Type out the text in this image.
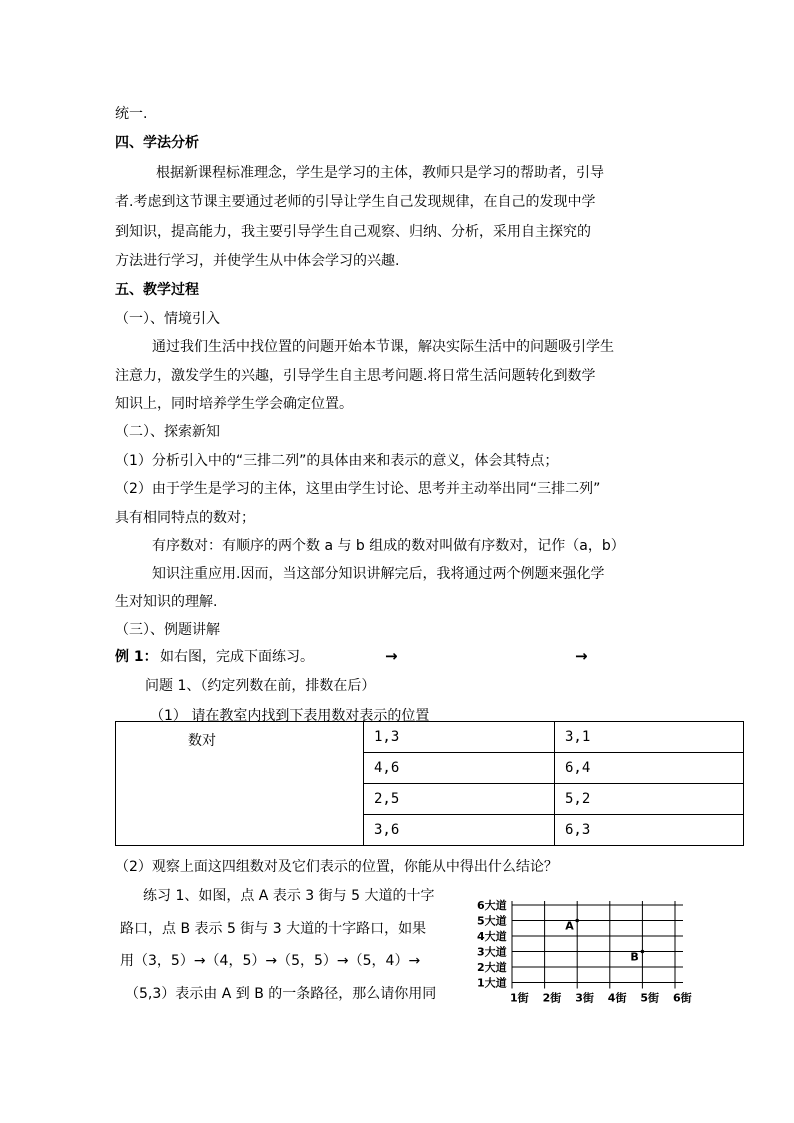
统一.
四、学法分析
根据新课程标准理念，学生是学习的主体，教师只是学习的帮助者，引导
者.考虑到这节课主要通过老师的引导让学生自己发现规律，在自己的发现中学
到知识，提高能力，我主要引导学生自己观察、归纳、分析，采用自主探究的
方法进行学习，并使学生从中体会学习的兴趣.
五、教学过程
（一）、情境引入
通过我们生活中找位置的问题开始本节课，解决实际生活中的问题吸引学生
注意力，激发学生的兴趣，引导学生自主思考问题.将日常生活问题转化到数学
知识上，同时培养学生学会确定位置。
（二）、探索新知
（1）分析引入中的“三排二列”的具体由来和表示的意义，体会其特点；
（2）由于学生是学习的主体，这里由学生讨论、思考并主动举出同“三排二列”
具有相同特点的数对；
有序数对：有顺序的两个数 a 与 b 组成的数对叫做有序数对，记作（a，b）
知识注重应用.因而，当这部分知识讲解完后，我将通过两个例题来强化学
生对知识的理解.
（三）、例题讲解
例 1： 如右图，完成下面练习。	→	→
问题 1、（约定列数在前，排数在后）
（1） 请在教室内找到下表用数对表示的位置
数对	1,3	3,1
	4,6	6,4
	2,5	5,2
	3,6	6,3
（2）观察上面这四组数对及它们表示的位置，你能从中得出什么结论？
练习 1、如图，点 A 表示 3 街与 5 大道的十字
路口，点 B 表示 5 街与 3 大道的十字路口，如果
用（3，5）→（4，5）→（5，5）→（5，4）→
（5,3）表示由 A 到 B 的一条路径，那么请你用同
6大道
5大道
4大道
3大道
2大道
1大道
1街 2街 3街 4街 5街 6街
A
B
